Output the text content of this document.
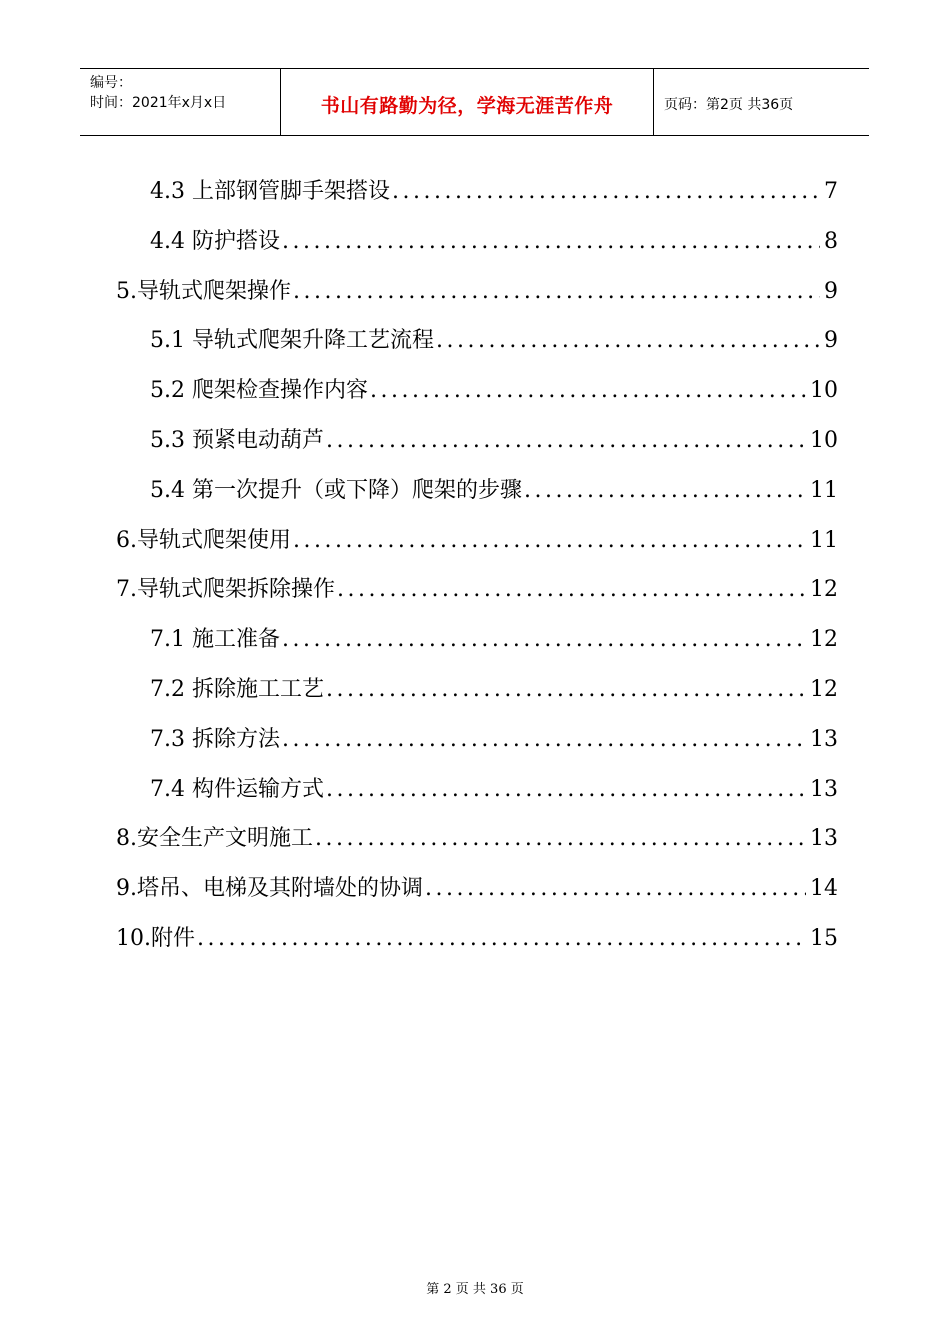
编号：
时间：2021年x月x日	书山有路勤为径，学海无涯苦作舟	页码：第2页 共36页
4.3 上部钢管脚手架搭设 .....	7
4.4 防护搭设 .....	8
5.导轨式爬架操作 .....	9
5.1 导轨式爬架升降工艺流程 .....	9
5.2 爬架检查操作内容 .....	10
5.3 预紧电动葫芦 .....	10
5.4 第一次提升（或下降）爬架的步骤 .....	11
6.导轨式爬架使用 .....	11
7.导轨式爬架拆除操作 .....	12
7.1 施工准备 .....	12
7.2 拆除施工工艺 .....	12
7.3 拆除方法 .....	13
7.4 构件运输方式 .....	13
8.安全生产文明施工 .....	13
9.塔吊、电梯及其附墙处的协调 .....	14
10.附件 .....	15
第 2 页 共 36 页
